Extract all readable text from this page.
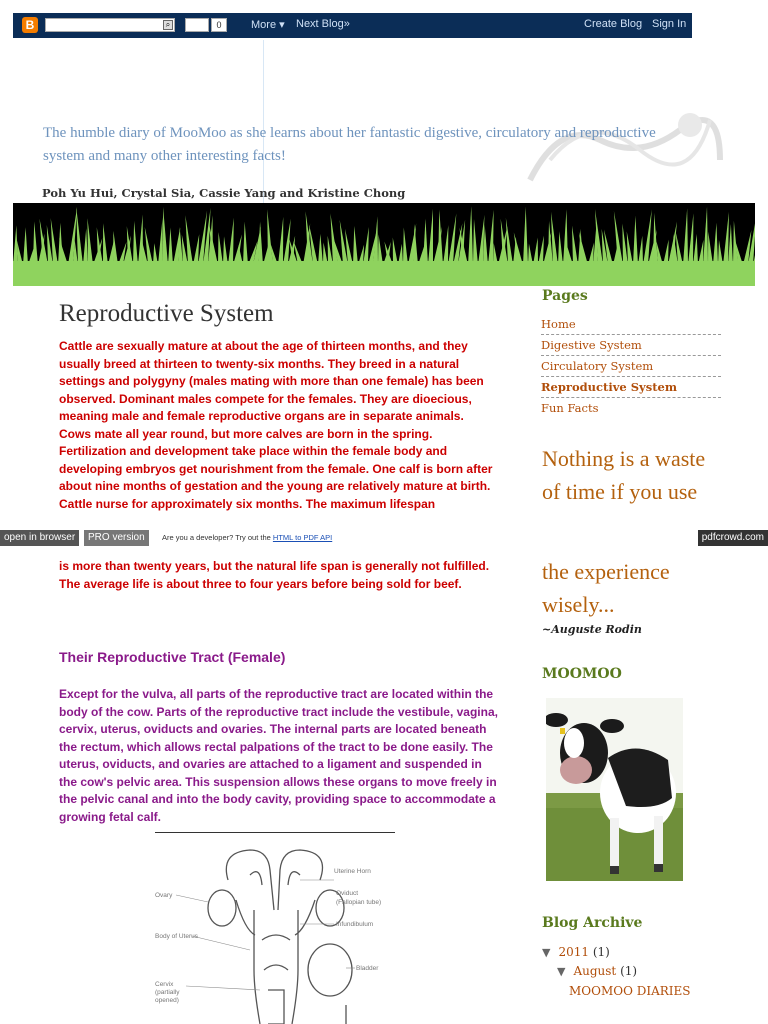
B	⌕	0	More ▾ Next Blog»	Create Blog Sign In
The humble diary of MooMoo as she learns about her fantastic digestive, circulatory and reproductive system and many other interesting facts!
Poh Yu Hui, Crystal Sia, Cassie Yang and Kristine Chong
Reproductive System

Cattle are sexually mature at about the age of thirteen months, and they usually breed at thirteen to twenty-six months. They breed in a natural settings and polygyny (males mating with more than one female) has been observed. Dominant males compete for the females. They are dioecious, meaning male and female reproductive organs are in separate animals. Cows mate all year round, but more calves are born in the spring. Fertilization and development take place within the female body and developing embryos get nourishment from the female. One calf is born after about nine months of gestation and the young are relatively mature at birth. Cattle nurse for approximately six months. The maximum lifespan

open in browser	PRO version	Are you a developer? Try out the HTML to PDF API	pdfcrowd.com

is more than twenty years, but the natural life span is generally not fulfilled. The average life is about three to four years before being sold for beef.

Their Reproductive Tract (Female)

Except for the vulva, all parts of the reproductive tract are located within the body of the cow. Parts of the reproductive tract include the vestibule, vagina, cervix, uterus, oviducts and ovaries. The internal parts are located beneath the rectum, which allows rectal palpations of the tract to be done easily. The uterus, oviducts, and ovaries are attached to a ligament and suspended in the cow's pelvic area. This suspension allows these organs to move freely in the pelvic canal and into the body cavity, providing space to accommodate a growing fetal calf.

Uterine Horn
Ovary	Oviduct
(Fallopian tube)
Infundibulum
Body of Uterus
Bladder
Cervix
(partially
opened)
Pages
Home
Digestive System
Circulatory System
Reproductive System
Fun Facts

Nothing is a waste

of time if you use

the experience

wisely...

~Auguste Rodin
MOOMOO
Blog Archive
▼ 2011 (1)
▼ August (1)
MOOMOO DIARIES
